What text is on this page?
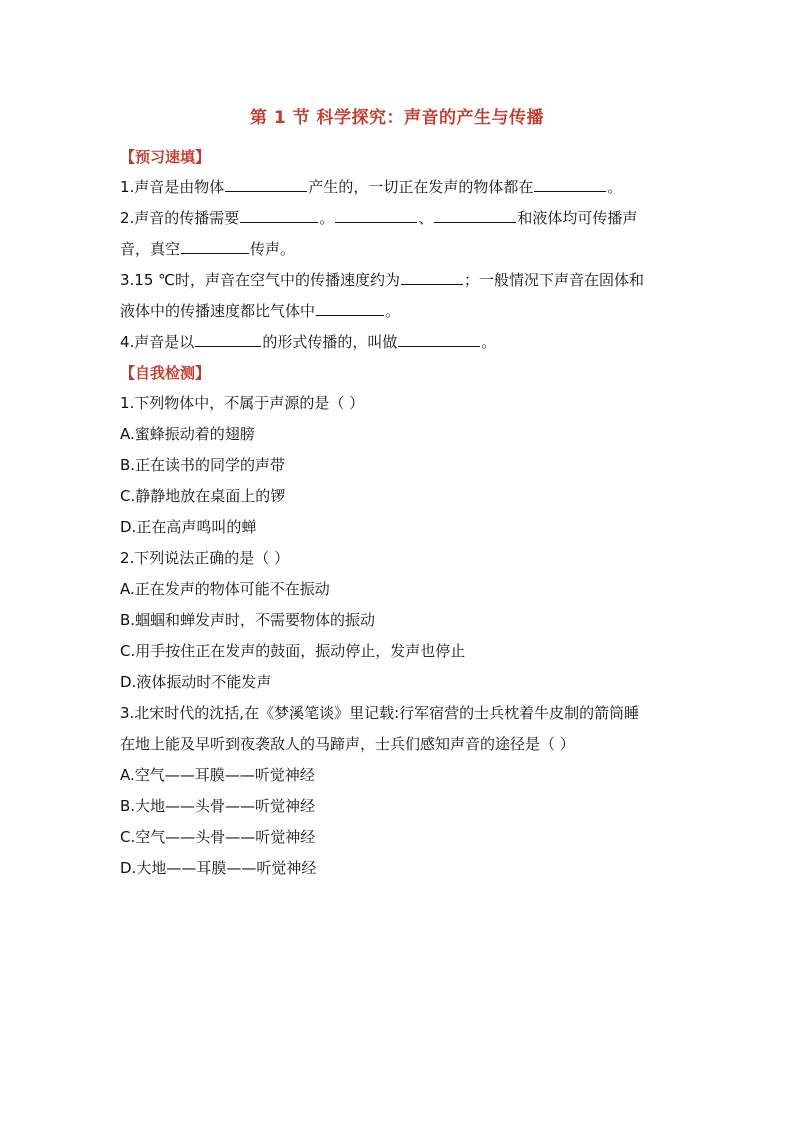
第 1 节 科学探究：声音的产生与传播
【预习速填】
1.声音是由物体	产生的，一切正在发声的物体都在	。
2.声音的传播需要	。	、	和液体均可传播声
音，真空	传声。
3.15 ℃时，声音在空气中的传播速度约为	；一般情况下声音在固体和
液体中的传播速度都比气体中	。
4.声音是以	的形式传播的，叫做	。
【自我检测】
1.下列物体中，不属于声源的是（ ）
A.蜜蜂振动着的翅膀
B.正在读书的同学的声带
C.静静地放在桌面上的锣
D.正在高声鸣叫的蝉
2.下列说法正确的是（ ）
A.正在发声的物体可能不在振动
B.蝈蝈和蝉发声时，不需要物体的振动
C.用手按住正在发声的鼓面，振动停止，发声也停止
D.液体振动时不能发声
3.北宋时代的沈括,在《梦溪笔谈》里记载:行军宿营的士兵枕着牛皮制的箭筒睡
在地上能及早听到夜袭敌人的马蹄声，士兵们感知声音的途径是（ ）
A.空气——耳膜——听觉神经
B.大地——头骨——听觉神经
C.空气——头骨——听觉神经
D.大地——耳膜——听觉神经
